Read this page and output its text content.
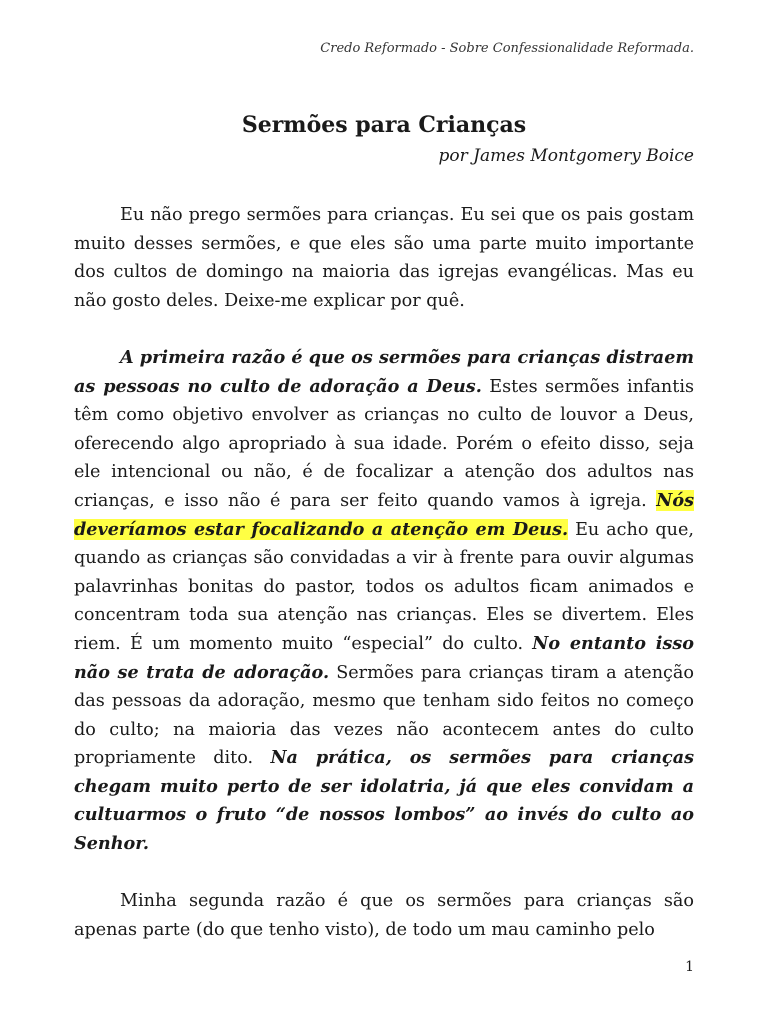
Credo Reformado - Sobre Confessionalidade Reformada.
Sermões para Crianças
por James Montgomery Boice

Eu não prego sermões para crianças. Eu sei que os pais gostam muito desses sermões, e que eles são uma parte muito importante dos cultos de domingo na maioria das igrejas evangélicas. Mas eu não gosto deles. Deixe-me explicar por quê.

A primeira razão é que os sermões para crianças distraem as pessoas no culto de adoração a Deus. Estes sermões infantis têm como objetivo envolver as crianças no culto de louvor a Deus, oferecendo algo apropriado à sua idade. Porém o efeito disso, seja ele intencional ou não, é de focalizar a atenção dos adultos nas crianças, e isso não é para ser feito quando vamos à igreja. Nós deveríamos estar focalizando a atenção em Deus. Eu acho que, quando as crianças são convidadas a vir à frente para ouvir algumas palavrinhas bonitas do pastor, todos os adultos ficam animados e concentram toda sua atenção nas crianças. Eles se divertem. Eles riem. É um momento muito “especial” do culto. No entanto isso não se trata de adoração. Sermões para crianças tiram a atenção das pessoas da adoração, mesmo que tenham sido feitos no começo do culto; na maioria das vezes não acontecem antes do culto propriamente dito. Na prática, os sermões para crianças chegam muito perto de ser idolatria, já que eles convidam a cultuarmos o fruto “de nossos lombos” ao invés do culto ao Senhor.

Minha segunda razão é que os sermões para crianças são apenas parte (do que tenho visto), de todo um mau caminho pelo

1
